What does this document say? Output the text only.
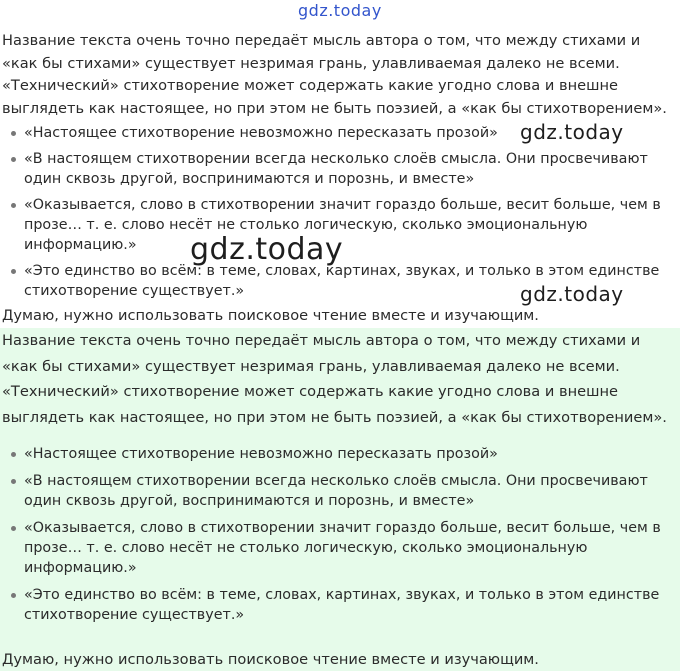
gdz.today
gdz.today
gdz.today
gdz.today

Название текста очень точно передаёт мысль автора о том, что между стихами и «как бы стихами» существует незримая грань, улавливаемая далеко не всеми.
«Технический» стихотворение может содержать какие угодно слова и внешне
выглядеть как настоящее, но при этом не быть поэзией, а «как бы стихотворением».

«Настоящее стихотворение невозможно пересказать прозой»
«В настоящем стихотворении всегда несколько слоёв смысла. Они просвечивают один сквозь другой, воспринимаются и порознь, и вместе»
«Оказывается, слово в стихотворении значит гораздо больше, весит больше, чем в прозе… т. е. слово несёт не столько логическую, сколько эмоциональную информацию.»
«Это единство во всём: в теме, словах, картинах, звуках, и только в этом единстве стихотворение существует.»

Думаю, нужно использовать поисковое чтение вместе и изучающим.

Название текста очень точно передаёт мысль автора о том, что между стихами и «как бы стихами» существует незримая грань, улавливаемая далеко не всеми.
«Технический» стихотворение может содержать какие угодно слова и внешне
выглядеть как настоящее, но при этом не быть поэзией, а «как бы стихотворением».

«Настоящее стихотворение невозможно пересказать прозой»
«В настоящем стихотворении всегда несколько слоёв смысла. Они просвечивают один сквозь другой, воспринимаются и порознь, и вместе»
«Оказывается, слово в стихотворении значит гораздо больше, весит больше, чем в прозе… т. е. слово несёт не столько логическую, сколько эмоциональную информацию.»
«Это единство во всём: в теме, словах, картинах, звуках, и только в этом единстве стихотворение существует.»

Думаю, нужно использовать поисковое чтение вместе и изучающим.
